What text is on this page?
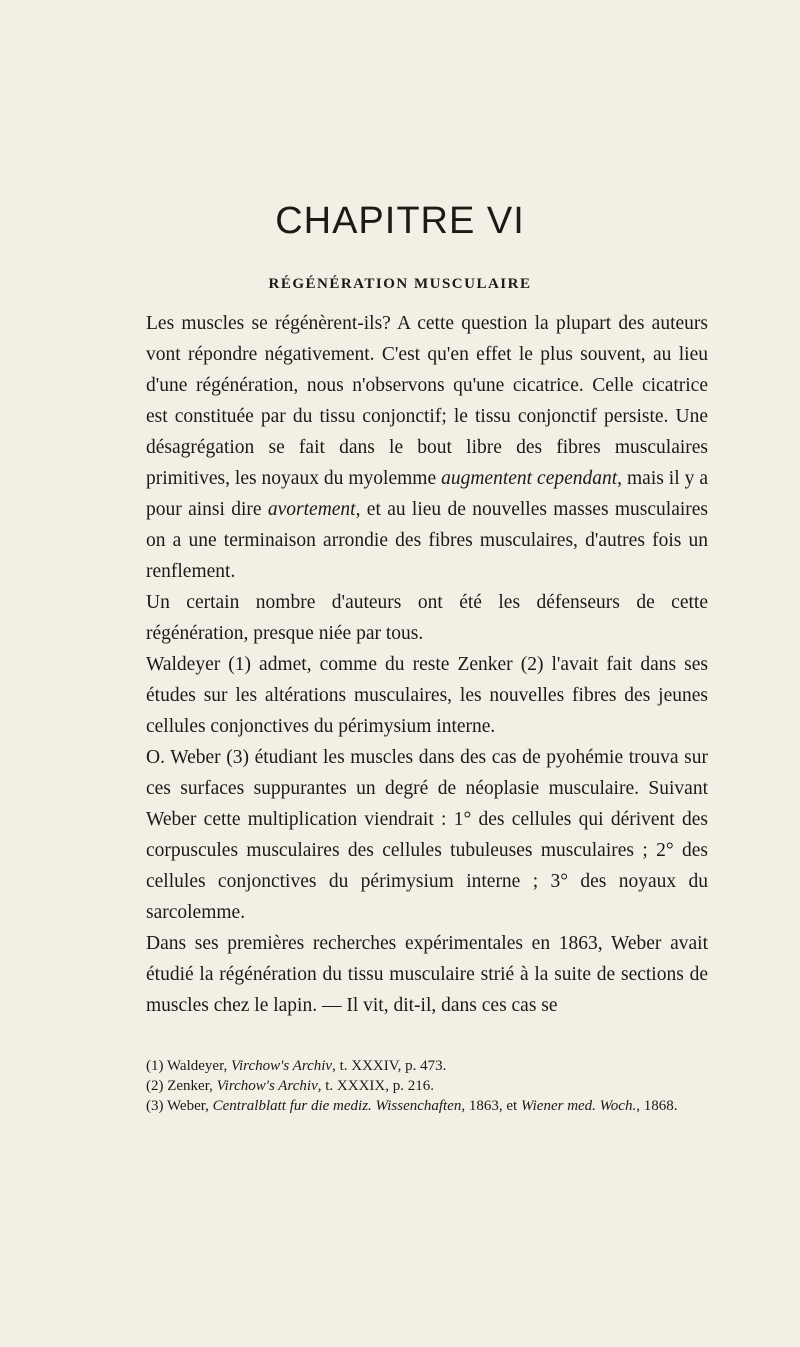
CHAPITRE VI
RÉGÉNÉRATION MUSCULAIRE

Les muscles se régénèrent-ils? A cette question la plupart des auteurs vont répondre négativement. C'est qu'en effet le plus souvent, au lieu d'une régénération, nous n'observons qu'une cicatrice. Celle cicatrice est constituée par du tissu conjonctif; le tissu conjonctif persiste. Une désagrégation se fait dans le bout libre des fibres musculaires primitives, les noyaux du myolemme augmentent cependant, mais il y a pour ainsi dire avortement, et au lieu de nouvelles masses musculaires on a une terminaison arrondie des fibres musculaires, d'autres fois un renflement.

Un certain nombre d'auteurs ont été les défenseurs de cette régénération, presque niée par tous.

Waldeyer (1) admet, comme du reste Zenker (2) l'avait fait dans ses études sur les altérations musculaires, les nouvelles fibres des jeunes cellules conjonctives du périmysium interne.

O. Weber (3) étudiant les muscles dans des cas de pyohémie trouva sur ces surfaces suppurantes un degré de néoplasie musculaire. Suivant Weber cette multiplication viendrait : 1° des cellules qui dérivent des corpuscules musculaires des cellules tubuleuses musculaires ; 2° des cellules conjonctives du périmysium interne ; 3° des noyaux du sarcolemme.

Dans ses premières recherches expérimentales en 1863, Weber avait étudié la régénération du tissu musculaire strié à la suite de sections de muscles chez le lapin. — Il vit, dit-il, dans ces cas se

(1) Waldeyer, Virchow's Archiv, t. XXXIV, p. 473.

(2) Zenker, Virchow's Archiv, t. XXXIX, p. 216.

(3) Weber, Centralblatt fur die mediz. Wissenchaften, 1863, et Wiener med. Woch., 1868.
